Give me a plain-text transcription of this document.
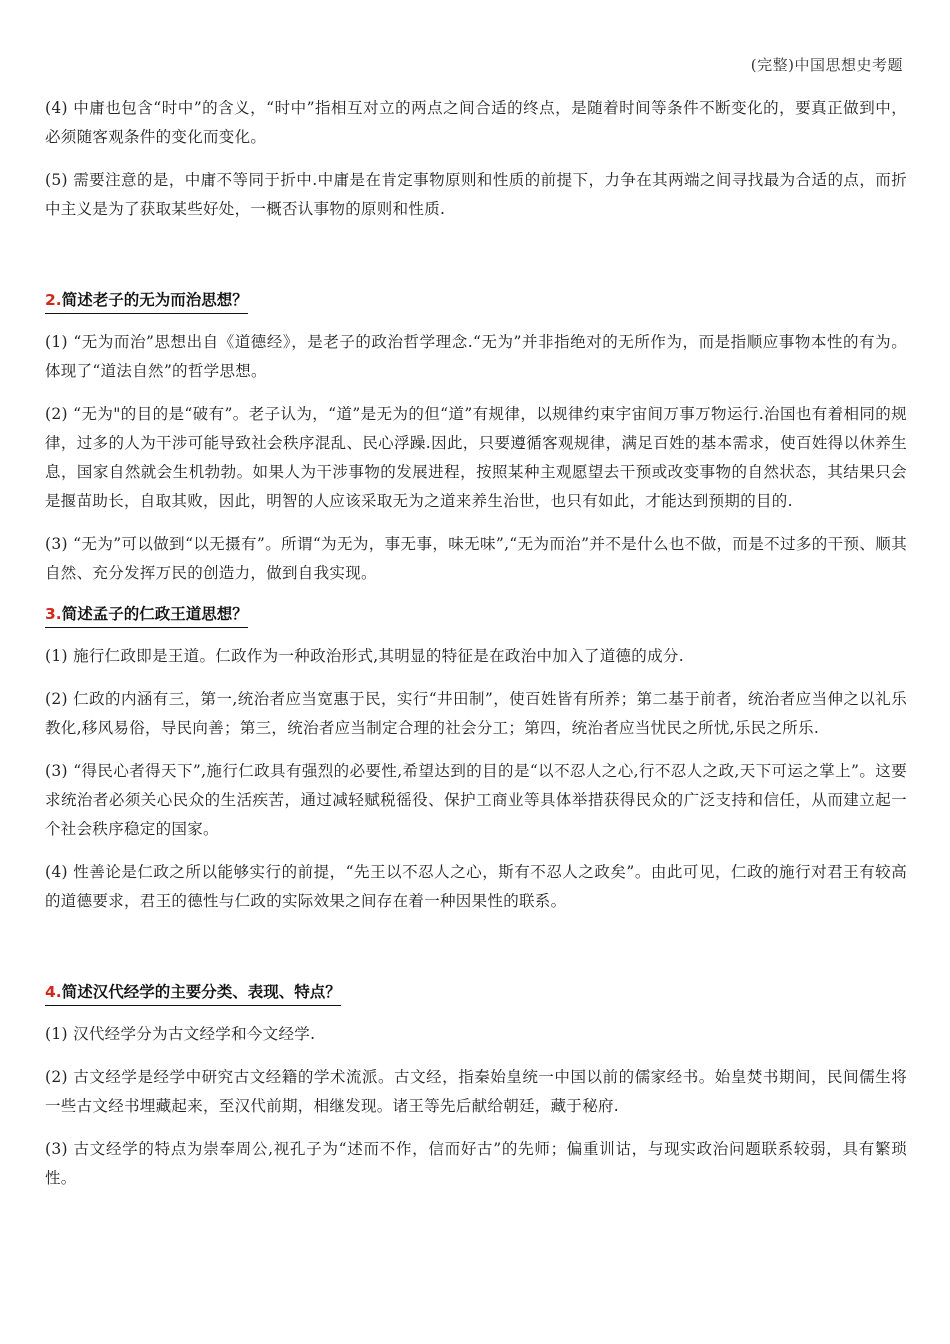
(完整)中国思想史考题

(4) 中庸也包含“时中”的含义，“时中”指相互对立的两点之间合适的终点，是随着时间等条件不断变化的，要真正做到中，必须随客观条件的变化而变化。

(5) 需要注意的是，中庸不等同于折中.中庸是在肯定事物原则和性质的前提下，力争在其两端之间寻找最为合适的点，而折中主义是为了获取某些好处，一概否认事物的原则和性质.

2.简述老子的无为而治思想？

(1) “无为而治”思想出自《道德经》，是老子的政治哲学理念.“无为”并非指绝对的无所作为，而是指顺应事物本性的有为。体现了“道法自然”的哲学思想。

(2) “无为"的目的是“破有”。老子认为，“道”是无为的但“道”有规律，以规律约束宇宙间万事万物运行.治国也有着相同的规律，过多的人为干涉可能导致社会秩序混乱、民心浮躁.因此，只要遵循客观规律，满足百姓的基本需求，使百姓得以休养生息，国家自然就会生机勃勃。如果人为干涉事物的发展进程，按照某种主观愿望去干预或改变事物的自然状态，其结果只会是揠苗助长，自取其败，因此，明智的人应该采取无为之道来养生治世，也只有如此，才能达到预期的目的.

(3) “无为”可以做到“以无摄有”。所谓“为无为，事无事，味无味”,“无为而治”并不是什么也不做，而是不过多的干预、顺其自然、充分发挥万民的创造力，做到自我实现。

3.简述孟子的仁政王道思想？

(1) 施行仁政即是王道。仁政作为一种政治形式,其明显的特征是在政治中加入了道德的成分.

(2) 仁政的内涵有三，第一,统治者应当宽惠于民，实行“井田制”，使百姓皆有所养；第二基于前者，统治者应当伸之以礼乐教化,移风易俗，导民向善；第三，统治者应当制定合理的社会分工；第四，统治者应当忧民之所忧,乐民之所乐.

(3) “得民心者得天下”,施行仁政具有强烈的必要性,希望达到的目的是“以不忍人之心,行不忍人之政,天下可运之掌上”。这要求统治者必须关心民众的生活疾苦，通过减轻赋税徭役、保护工商业等具体举措获得民众的广泛支持和信任，从而建立起一个社会秩序稳定的国家。

(4) 性善论是仁政之所以能够实行的前提，“先王以不忍人之心，斯有不忍人之政矣”。由此可见，仁政的施行对君王有较高的道德要求，君王的德性与仁政的实际效果之间存在着一种因果性的联系。

4.简述汉代经学的主要分类、表现、特点？

(1) 汉代经学分为古文经学和今文经学.

(2) 古文经学是经学中研究古文经籍的学术流派。古文经，指秦始皇统一中国以前的儒家经书。始皇焚书期间，民间儒生将一些古文经书埋藏起来，至汉代前期，相继发现。诸王等先后献给朝廷，藏于秘府.

(3) 古文经学的特点为崇奉周公,视孔子为“述而不作，信而好古”的先师；偏重训诂，与现实政治问题联系较弱，具有繁琐性。
